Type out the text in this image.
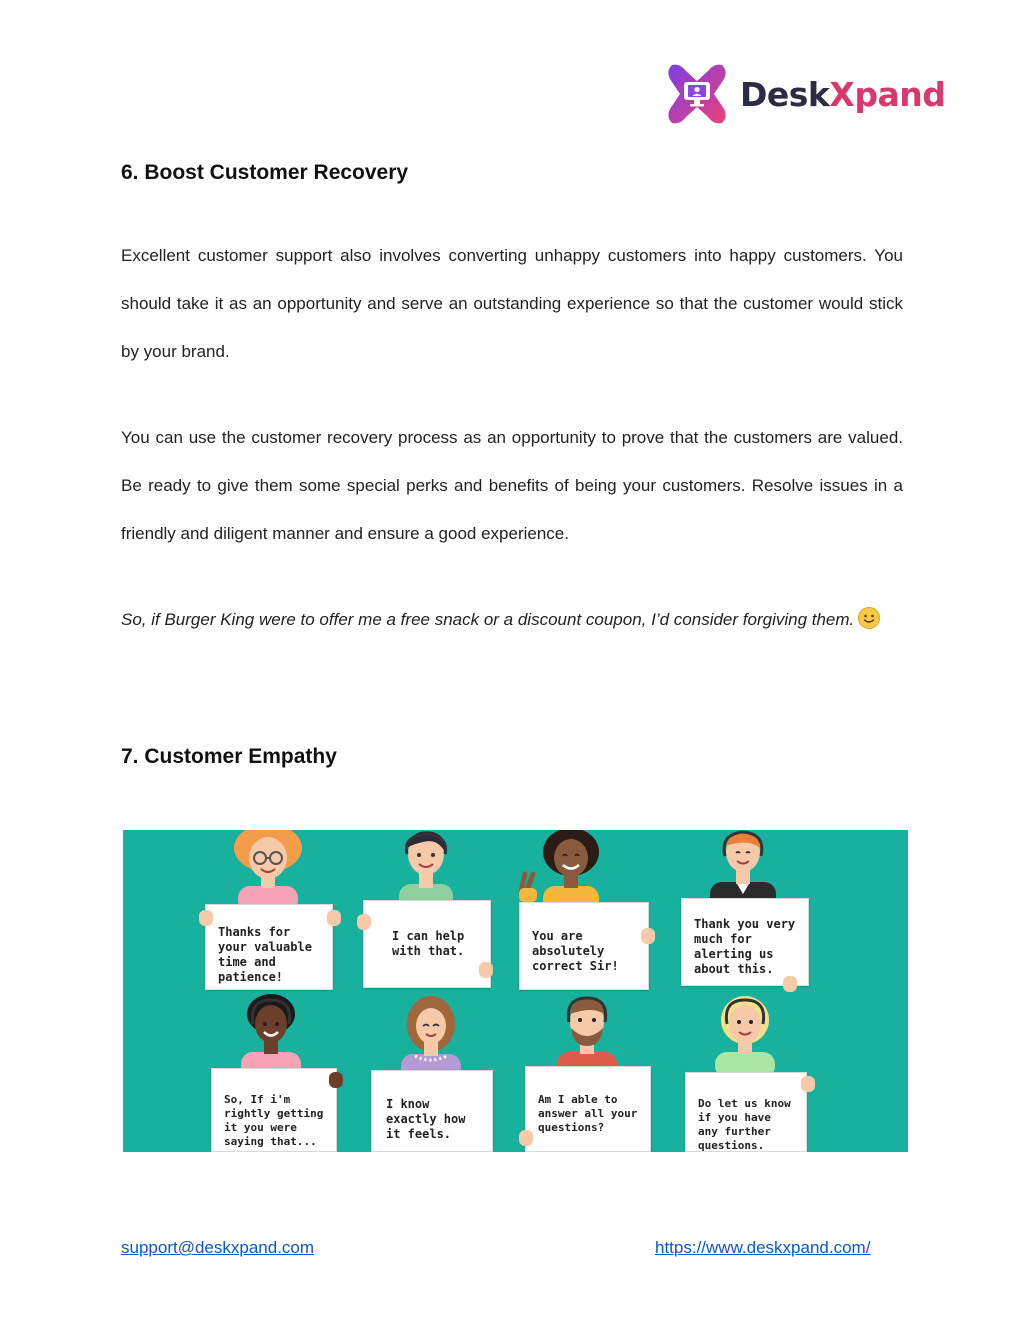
DeskXpand
6. Boost Customer Recovery

Excellent customer support also involves converting unhappy customers into happy customers. You should take it as an opportunity and serve an outstanding experience so that the customer would stick by your brand.

You can use the customer recovery process as an opportunity to prove that the customers are valued. Be ready to give them some special perks and benefits of being your customers. Resolve issues in a friendly and diligent manner and ensure a good experience.

So, if Burger King were to offer me a free snack or a discount coupon, I’d consider forgiving them.

7. Customer Empathy
Thanks for your valuable time and patience!
I can help with that.
You are absolutely correct Sir!
Thank you very much for alerting us about this.
So, If i'm rightly getting it you were saying that...
I know exactly how it feels.
Am I able to answer all your questions?
Do let us know if you have any further questions.
support@deskxpand.com	https://www.deskxpand.com/
